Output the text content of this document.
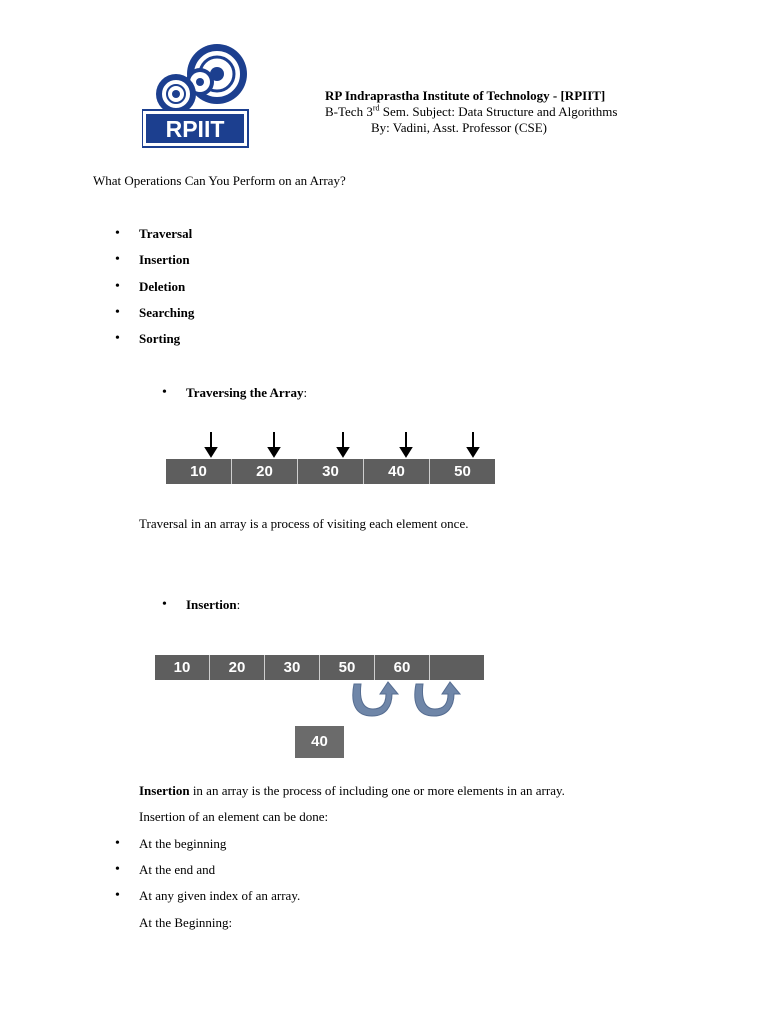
RPIIT
RP Indraprastha Institute of Technology - [RPIIT]
B-Tech 3rd Sem. Subject: Data Structure and Algorithms
By: Vadini, Asst. Professor (CSE)
What Operations Can You Perform on an Array?
• Traversal
• Insertion
• Deletion
• Searching
• Sorting
• Traversing the Array:
10	20	30	40	50
Traversal in an array is a process of visiting each element once.
• Insertion:
10	20	30	50	60
40
Insertion in an array is the process of including one or more elements in an array.
Insertion of an element can be done:
• At the beginning
• At the end and
• At any given index of an array.
At the Beginning:
